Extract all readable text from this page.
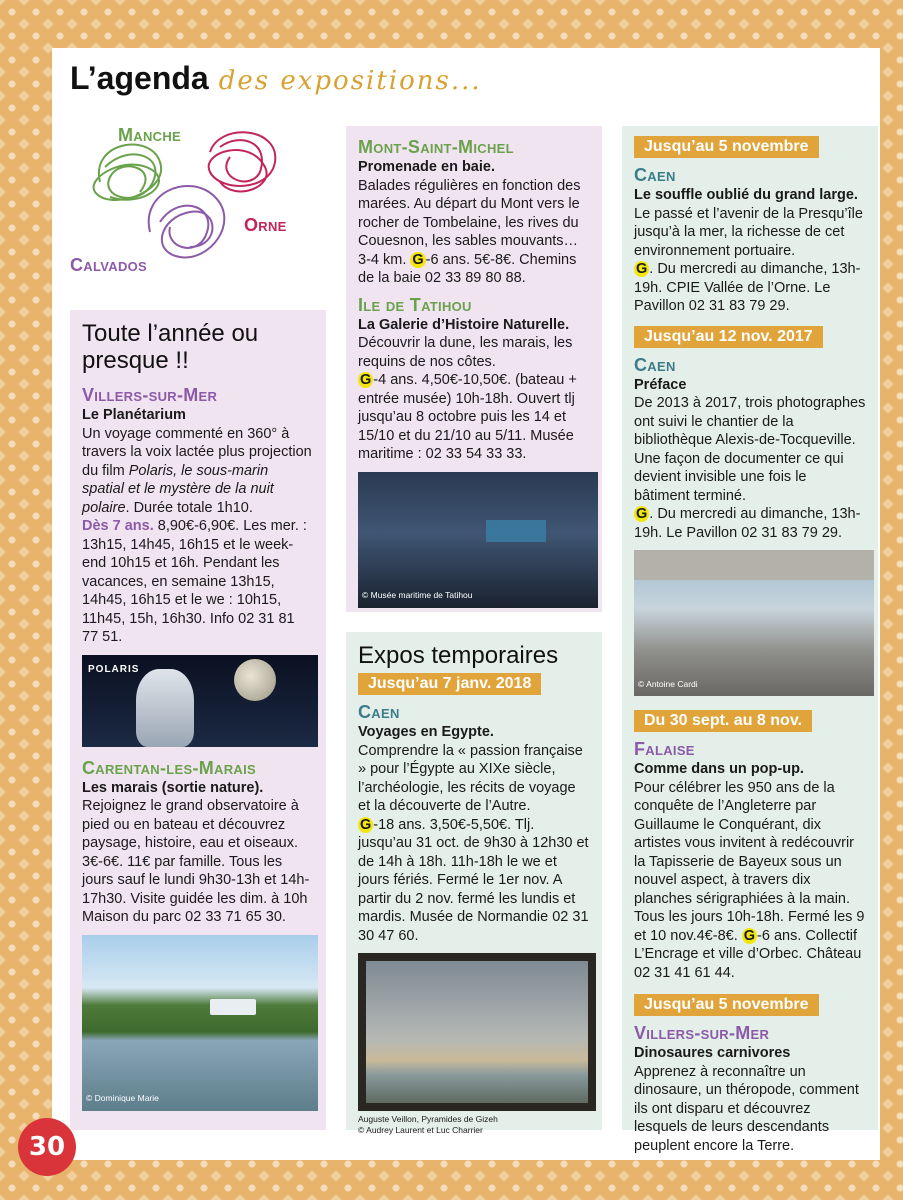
L’agenda des expositions...
Manche
Orne
Calvados
Toute l’année ou presque !!
Villers-sur-Mer
Le Planétarium

Un voyage commenté en 360° à travers la voix lactée plus projection du film Polaris, le sous-marin spatial et le mystère de la nuit polaire. Durée totale 1h10.
Dès 7 ans. 8,90€-6,90€. Les mer. : 13h15, 14h45, 16h15 et le week-end 10h15 et 16h. Pendant les vacances, en semaine 13h15, 14h45, 16h15 et le we : 10h15, 11h45, 15h, 16h30. Info 02 31 81 77 51.

POLARIS
Carentan-les-Marais
Les marais (sortie nature).

Rejoignez le grand observatoire à pied ou en bateau et découvrez paysage, histoire, eau et oiseaux. 3€-6€. 11€ par famille. Tous les jours sauf le lundi 9h30-13h et 14h-17h30. Visite guidée les dim. à 10h Maison du parc 02 33 71 65 30.

© Dominique Marie
Mont-Saint-Michel
Promenade en baie.

Balades régulières en fonction des marées. Au départ du Mont vers le rocher de Tombelaine, les rives du Couesnon, les sables mouvants… 3-4 km. G -6 ans. 5€-8€. Chemins de la baie 02 33 89 80 88.

Ile de Tatihou
La Galerie d’Histoire Naturelle.

Découvrir la dune, les marais, les requins de nos côtes.
G -4 ans. 4,50€-10,50€. (bateau + entrée musée) 10h-18h. Ouvert tlj jusqu’au 8 octobre puis les 14 et 15/10 et du 21/10 au 5/11. Musée maritime : 02 33 54 33 33.

© Musée maritime de Tatihou
Expos temporaires
Jusqu’au 7 janv. 2018
Caen
Voyages en Egypte.

Comprendre la « passion française » pour l’Égypte au XIXe siècle, l’archéologie, les récits de voyage et la découverte de l’Autre.
G -18 ans. 3,50€-5,50€. Tlj. jusqu’au 31 oct. de 9h30 à 12h30 et de 14h à 18h. 11h-18h le we et jours fériés. Fermé le 1er nov. A partir du 2 nov. fermé les lundis et mardis. Musée de Normandie 02 31 30 47 60.

Auguste Veillon, Pyramides de Gizeh
© Audrey Laurent et Luc Charrier
Jusqu’au 5 novembre
Caen
Le souffle oublié du grand large.

Le passé et l’avenir de la Presqu’île jusqu’à la mer, la richesse de cet environnement portuaire.
G . Du mercredi au dimanche, 13h-19h. CPIE Vallée de l’Orne. Le Pavillon 02 31 83 79 29.

Jusqu’au 12 nov. 2017
Caen
Préface

De 2013 à 2017, trois photographes ont suivi le chantier de la bibliothèque Alexis-de-Tocqueville. Une façon de documenter ce qui devient invisible une fois le bâtiment terminé.
G . Du mercredi au dimanche, 13h-19h. Le Pavillon 02 31 83 79 29.

© Antoine Cardi
Du 30 sept. au 8 nov.
Falaise
Comme dans un pop-up.

Pour célébrer les 950 ans de la conquête de l’Angleterre par Guillaume le Conquérant, dix artistes vous invitent à redécouvrir la Tapisserie de Bayeux sous un nouvel aspect, à travers dix planches sérigraphiées à la main. Tous les jours 10h-18h. Fermé les 9 et 10 nov.4€-8€. G -6 ans. Collectif L’Encrage et ville d’Orbec. Château 02 31 41 61 44.

Jusqu’au 5 novembre
Villers-sur-Mer
Dinosaures carnivores

Apprenez à reconnaître un dinosaure, un théropode, comment ils ont disparu et découvrez lesquels de leurs descendants peuplent encore la Terre.

30
